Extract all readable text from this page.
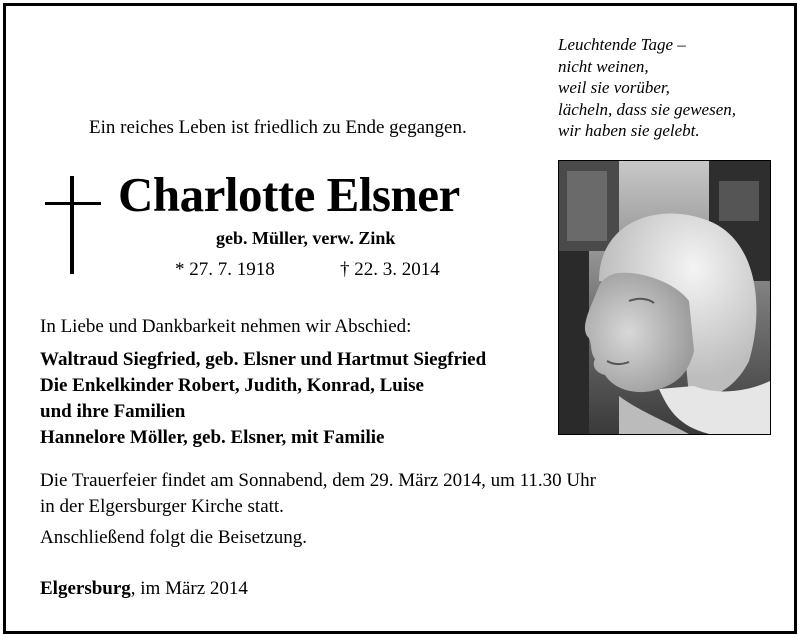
Leuchtende Tage –
nicht weinen,
weil sie vorüber,
lächeln, dass sie gewesen,
wir haben sie gelebt.
Ein reiches Leben ist friedlich zu Ende gegangen.
Charlotte Elsner
geb. Müller, verw. Zink
* 27. 7. 1918	† 22. 3. 2014
In Liebe und Dankbarkeit nehmen wir Abschied:
Waltraud Siegfried, geb. Elsner und Hartmut Siegfried
Die Enkelkinder Robert, Judith, Konrad, Luise
und ihre Familien
Hannelore Möller, geb. Elsner, mit Familie
Die Trauerfeier findet am Sonnabend, dem 29. März 2014, um 11.30 Uhr
in der Elgersburger Kirche statt.
Anschließend folgt die Beisetzung.
Elgersburg, im März 2014
